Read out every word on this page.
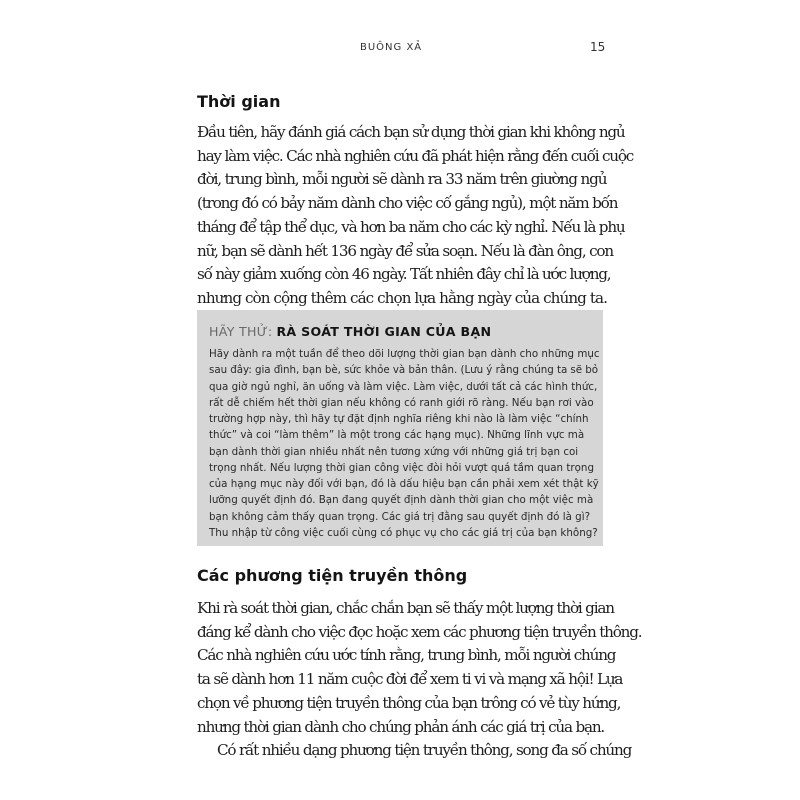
BUÔNG XẢ	15
Thời gian

Đầu tiên, hãy đánh giá cách bạn sử dụng thời gian khi không ngủ
hay làm việc. Các nhà nghiên cứu đã phát hiện rằng đến cuối cuộc
đời, trung bình, mỗi người sẽ dành ra 33 năm trên giường ngủ
(trong đó có bảy năm dành cho việc cố gắng ngủ), một năm bốn
tháng để tập thể dục, và hơn ba năm cho các kỳ nghỉ. Nếu là phụ
nữ, bạn sẽ dành hết 136 ngày để sửa soạn. Nếu là đàn ông, con
số này giảm xuống còn 46 ngày. Tất nhiên đây chỉ là ước lượng,
nhưng còn cộng thêm các chọn lựa hằng ngày của chúng ta.

HÃY THỬ: RÀ SOÁT THỜI GIAN CỦA BẠN
Hãy dành ra một tuần để theo dõi lượng thời gian bạn dành cho những mục
sau đây: gia đình, bạn bè, sức khỏe và bản thân. (Lưu ý rằng chúng ta sẽ bỏ
qua giờ ngủ nghỉ, ăn uống và làm việc. Làm việc, dưới tất cả các hình thức,
rất dễ chiếm hết thời gian nếu không có ranh giới rõ ràng. Nếu bạn rơi vào
trường hợp này, thì hãy tự đặt định nghĩa riêng khi nào là làm việc “chính
thức” và coi “làm thêm” là một trong các hạng mục). Những lĩnh vực mà
bạn dành thời gian nhiều nhất nên tương xứng với những giá trị bạn coi
trọng nhất. Nếu lượng thời gian công việc đòi hỏi vượt quá tầm quan trọng
của hạng mục này đối với bạn, đó là dấu hiệu bạn cần phải xem xét thật kỹ
lưỡng quyết định đó. Bạn đang quyết định dành thời gian cho một việc mà
bạn không cảm thấy quan trọng. Các giá trị đằng sau quyết định đó là gì?
Thu nhập từ công việc cuối cùng có phục vụ cho các giá trị của bạn không?
Các phương tiện truyền thông

Khi rà soát thời gian, chắc chắn bạn sẽ thấy một lượng thời gian
đáng kể dành cho việc đọc hoặc xem các phương tiện truyền thông.
Các nhà nghiên cứu ước tính rằng, trung bình, mỗi người chúng
ta sẽ dành hơn 11 năm cuộc đời để xem ti vi và mạng xã hội! Lựa
chọn về phương tiện truyền thông của bạn trông có vẻ tùy hứng,
nhưng thời gian dành cho chúng phản ánh các giá trị của bạn.
Có rất nhiều dạng phương tiện truyền thông, song đa số chúng
